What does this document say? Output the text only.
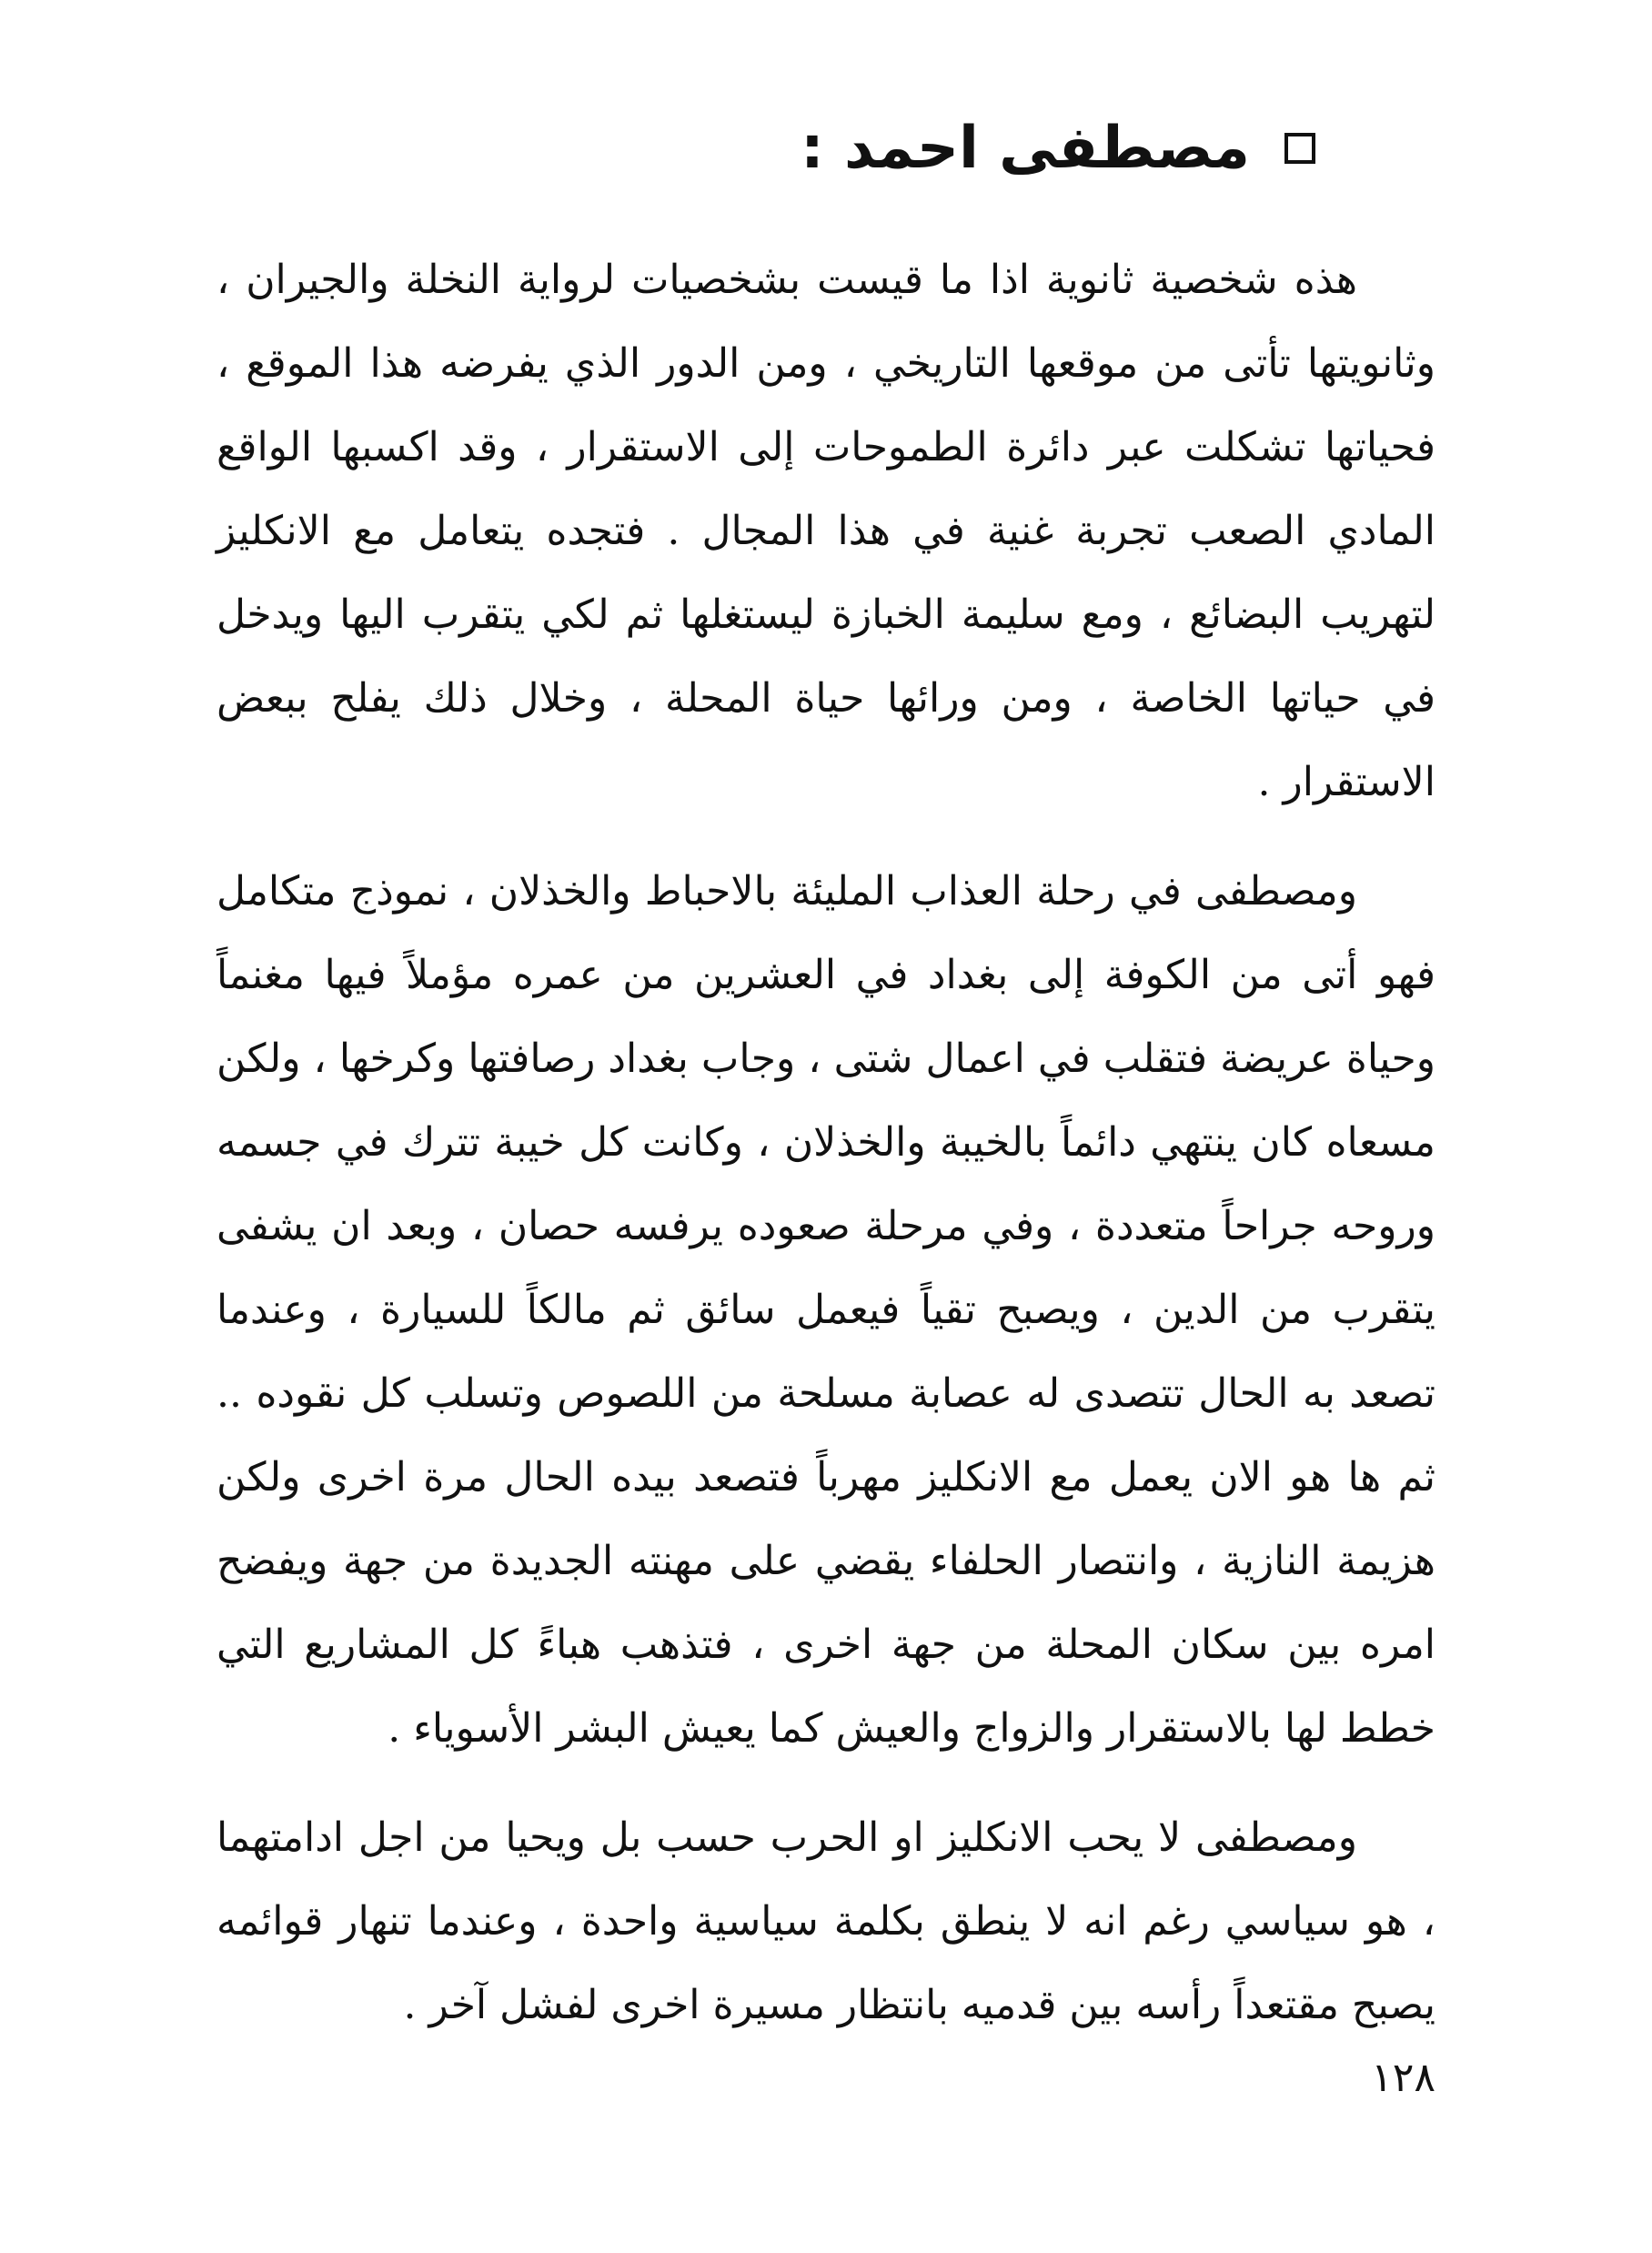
مصطفى احمد :

هذه شخصية ثانوية اذا ما قيست بشخصيات لرواية النخلة والجيران ، وثانويتها تأتى من موقعها التاريخي ، ومن الدور الذي يفرضه هذا الموقع ، فحياتها تشكلت عبر دائرة الطموحات إلى الاستقرار ، وقد اكسبها الواقع المادي الصعب تجربة غنية في هذا المجال . فتجده يتعامل مع الانكليز لتهريب البضائع ، ومع سليمة الخبازة ليستغلها ثم لكي يتقرب اليها ويدخل في حياتها الخاصة ، ومن ورائها حياة المحلة ، وخلال ذلك يفلح ببعض الاستقرار .

ومصطفى في رحلة العذاب المليئة بالاحباط والخذلان ، نموذج متكامل فهو أتى من الكوفة إلى بغداد في العشرين من عمره مؤملاً فيها مغنماً وحياة عريضة فتقلب في اعمال شتى ، وجاب بغداد رصافتها وكرخها ، ولكن مسعاه كان ينتهي دائماً بالخيبة والخذلان ، وكانت كل خيبة تترك في جسمه وروحه جراحاً متعددة ، وفي مرحلة صعوده يرفسه حصان ، وبعد ان يشفى يتقرب من الدين ، ويصبح تقياً فيعمل سائق ثم مالكاً للسيارة ، وعندما تصعد به الحال تتصدى له عصابة مسلحة من اللصوص وتسلب كل نقوده .. ثم ها هو الان يعمل مع الانكليز مهرباً فتصعد بيده الحال مرة اخرى ولكن هزيمة النازية ، وانتصار الحلفاء يقضي على مهنته الجديدة من جهة ويفضح امره بين سكان المحلة من جهة اخرى ، فتذهب هباءً كل المشاريع التي خطط لها بالاستقرار والزواج والعيش كما يعيش البشر الأسوياء .

ومصطفى لا يحب الانكليز او الحرب حسب بل ويحيا من اجل ادامتهما ، هو سياسي رغم انه لا ينطق بكلمة سياسية واحدة ، وعندما تنهار قوائمه يصبح مقتعداً رأسه بين قدميه بانتظار مسيرة اخرى لفشل آخر .

١٢٨
